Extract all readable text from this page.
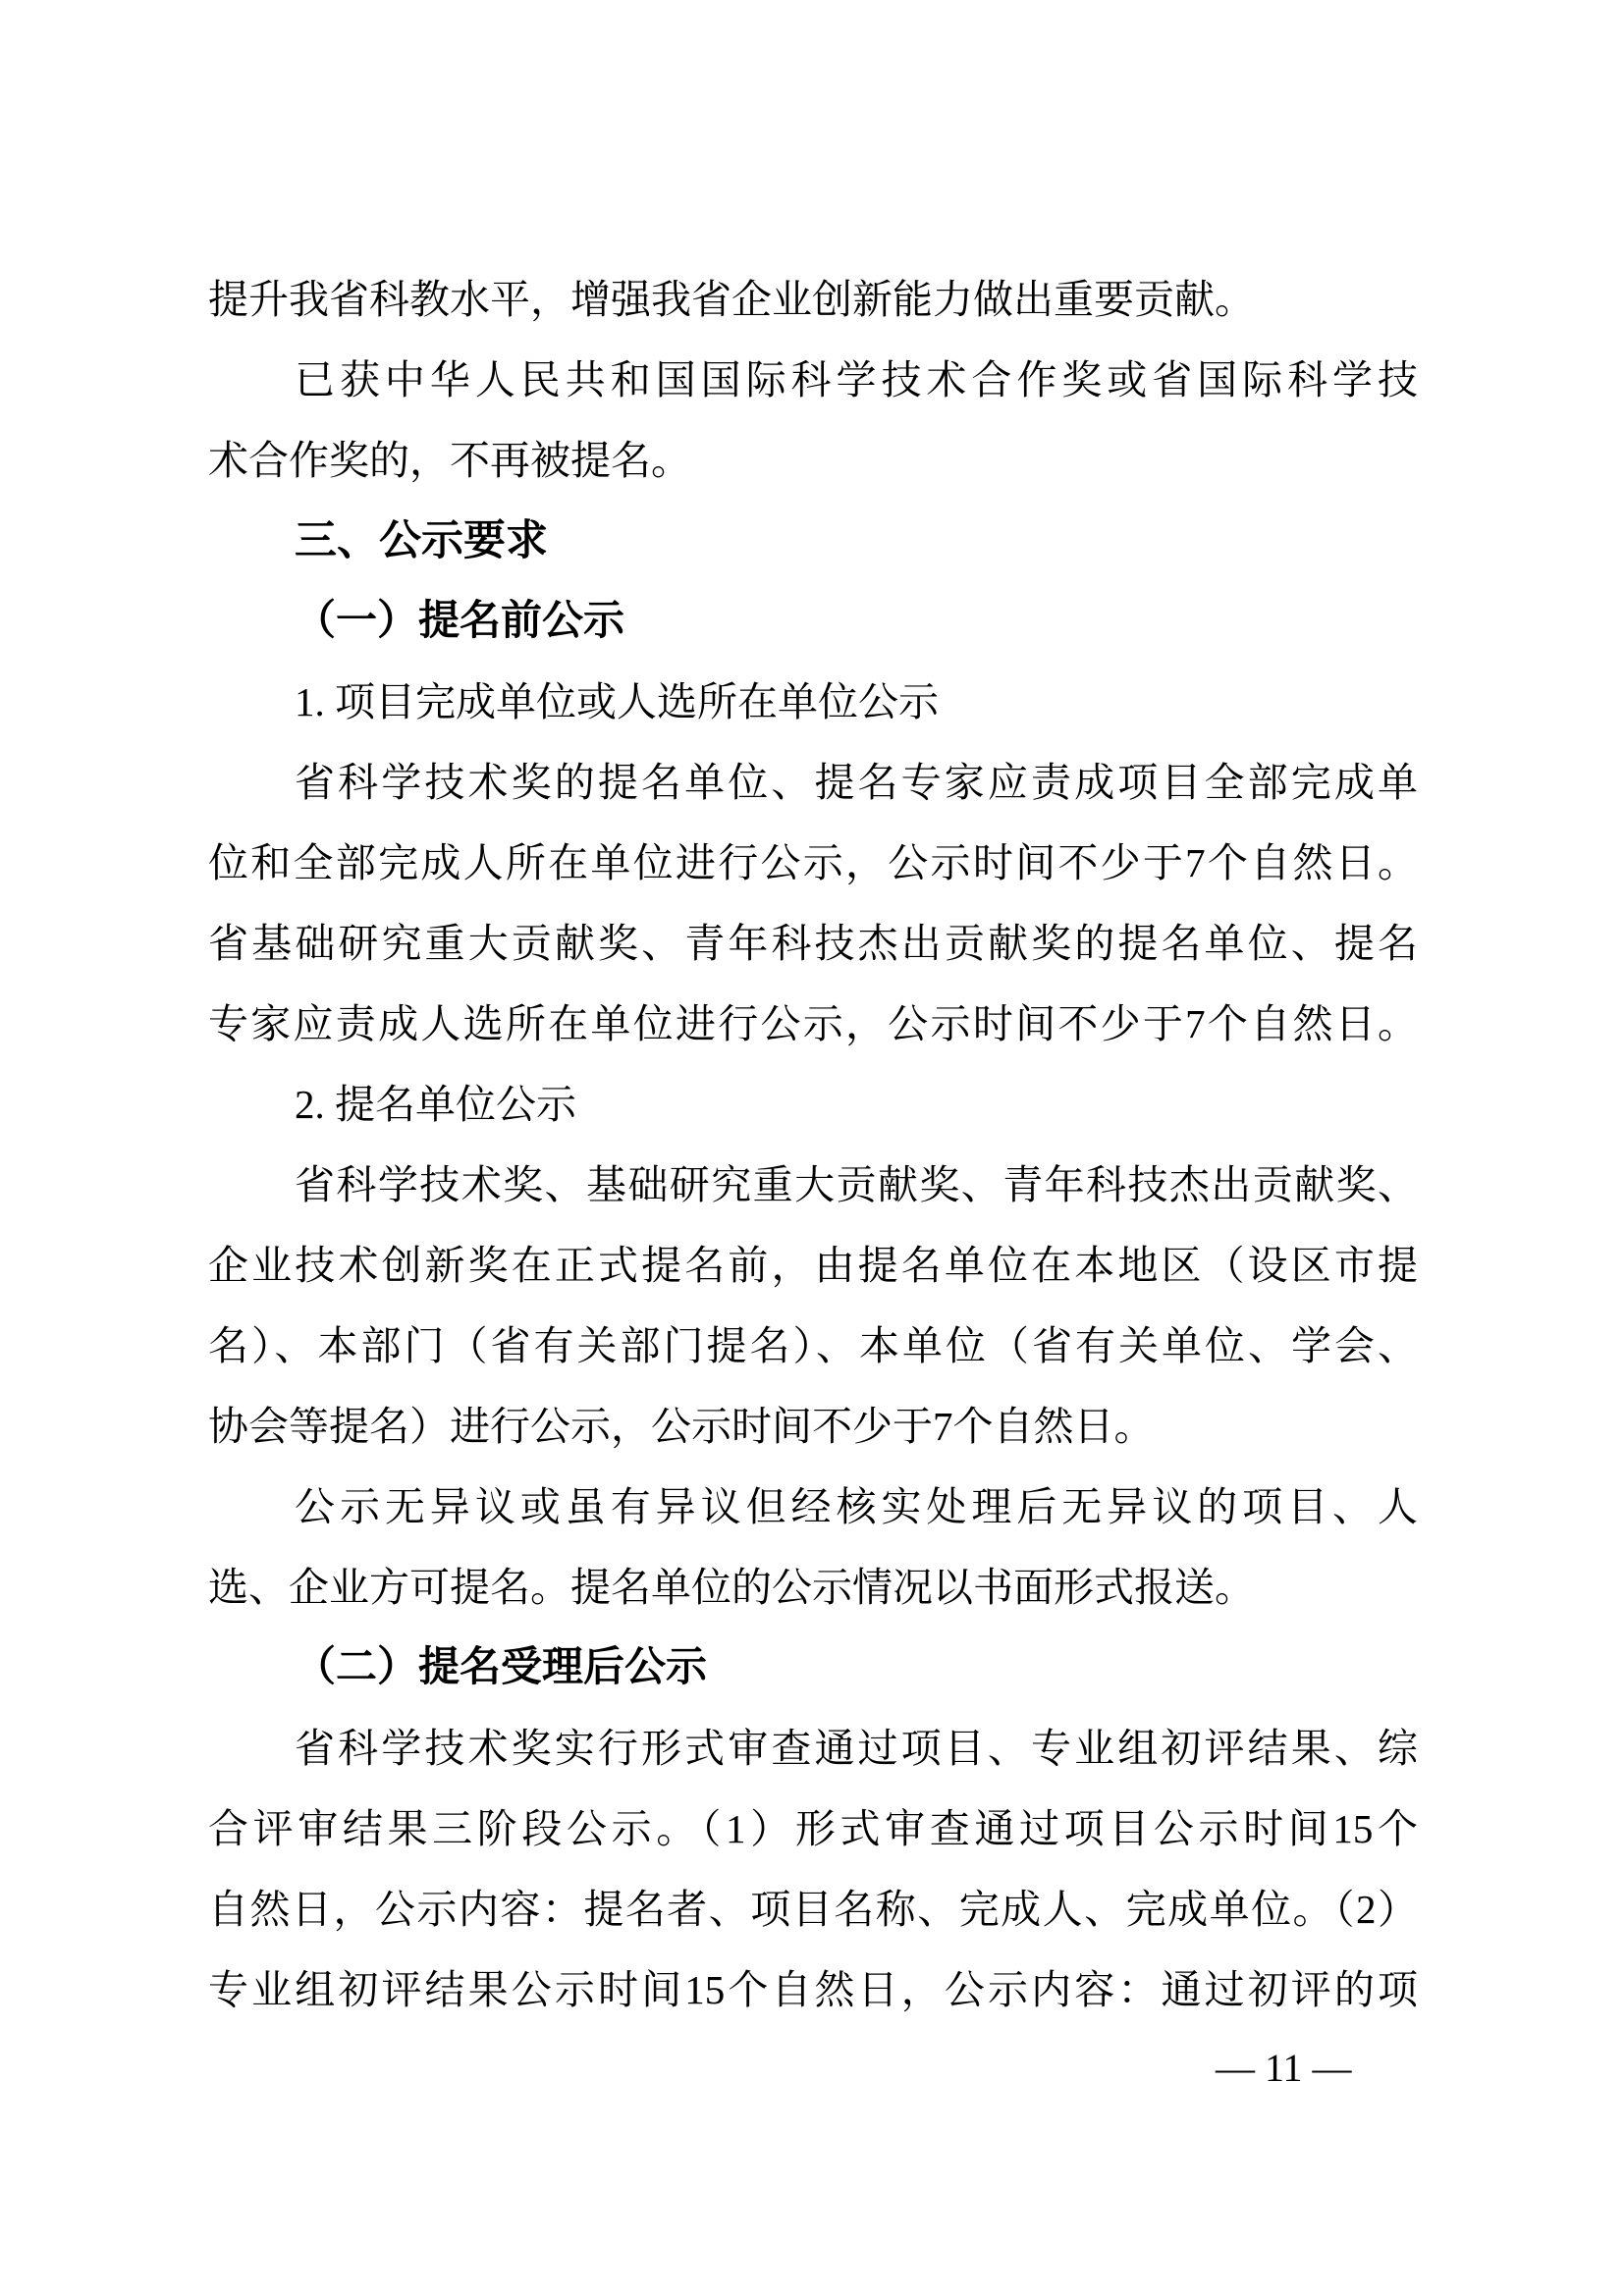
提升我省科教水平，增强我省企业创新能力做出重要贡献。
已获中华人民共和国国际科学技术合作奖或省国际科学技
术合作奖的，不再被提名。
三、公示要求
（一）提名前公示
1. 项目完成单位或人选所在单位公示
省科学技术奖的提名单位、提名专家应责成项目全部完成单
位和全部完成人所在单位进行公示，公示时间不少于7个自然日。
省基础研究重大贡献奖、青年科技杰出贡献奖的提名单位、提名
专家应责成人选所在单位进行公示，公示时间不少于7个自然日。
2. 提名单位公示
省科学技术奖、基础研究重大贡献奖、青年科技杰出贡献奖、
企业技术创新奖在正式提名前，由提名单位在本地区（设区市提
名）、本部门（省有关部门提名）、本单位（省有关单位、学会、
协会等提名）进行公示，公示时间不少于7个自然日。
公示无异议或虽有异议但经核实处理后无异议的项目、人
选、企业方可提名。提名单位的公示情况以书面形式报送。
（二）提名受理后公示
省科学技术奖实行形式审查通过项目、专业组初评结果、综
合评审结果三阶段公示。（1）形式审查通过项目公示时间15个
自然日，公示内容：提名者、项目名称、完成人、完成单位。（2）
专业组初评结果公示时间15个自然日，公示内容：通过初评的项
— 11 —
